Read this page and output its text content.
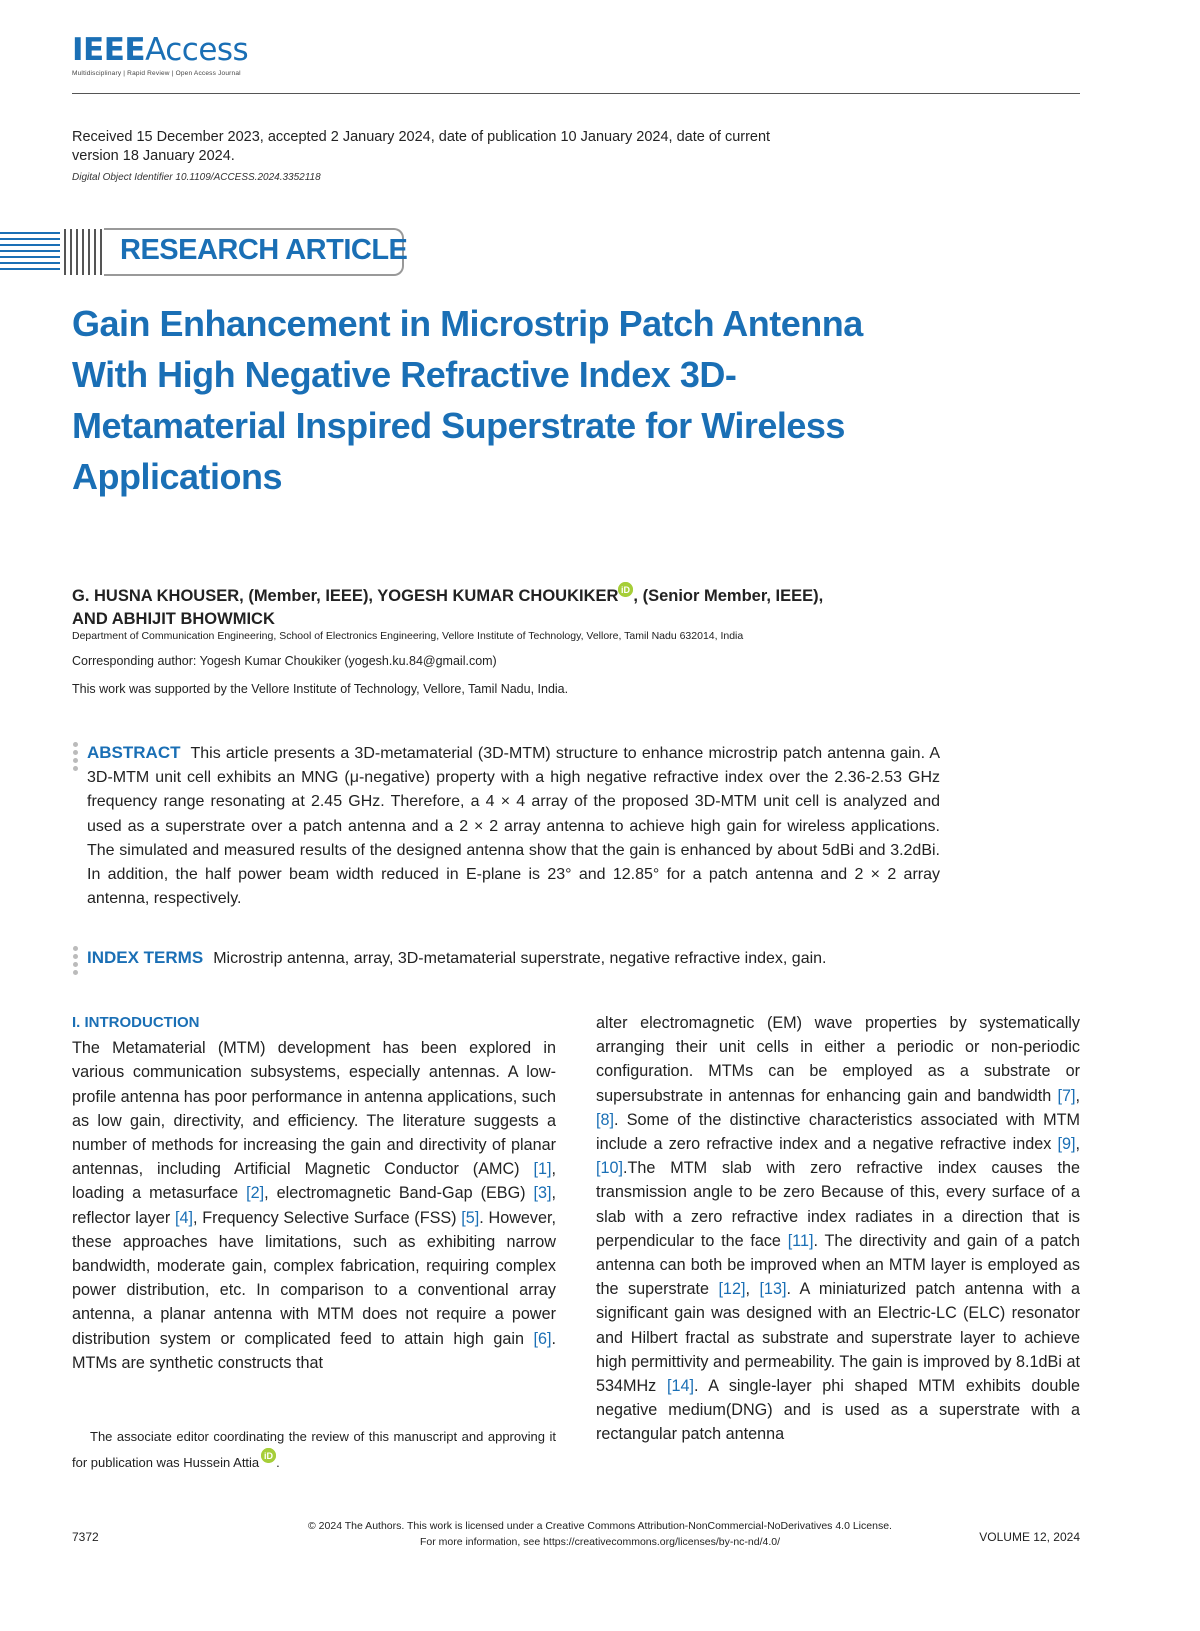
IEEEAccess
Multidisciplinary | Rapid Review | Open Access Journal
Received 15 December 2023, accepted 2 January 2024, date of publication 10 January 2024, date of current version 18 January 2024.
Digital Object Identifier 10.1109/ACCESS.2024.3352118
RESEARCH ARTICLE
Gain Enhancement in Microstrip Patch Antenna With High Negative Refractive Index 3D-Metamaterial Inspired Superstrate for Wireless Applications
G. HUSNA KHOUSER, (Member, IEEE), YOGESH KUMAR CHOUKIKER iD , (Senior Member, IEEE),
AND ABHIJIT BHOWMICK
Department of Communication Engineering, School of Electronics Engineering, Vellore Institute of Technology, Vellore, Tamil Nadu 632014, India
Corresponding author: Yogesh Kumar Choukiker (yogesh.ku.84@gmail.com)
This work was supported by the Vellore Institute of Technology, Vellore, Tamil Nadu, India.
ABSTRACT This article presents a 3D-metamaterial (3D-MTM) structure to enhance microstrip patch antenna gain. A 3D-MTM unit cell exhibits an MNG (μ-negative) property with a high negative refractive index over the 2.36-2.53 GHz frequency range resonating at 2.45 GHz. Therefore, a 4 × 4 array of the proposed 3D-MTM unit cell is analyzed and used as a superstrate over a patch antenna and a 2 × 2 array antenna to achieve high gain for wireless applications. The simulated and measured results of the designed antenna show that the gain is enhanced by about 5dBi and 3.2dBi. In addition, the half power beam width reduced in E-plane is 23° and 12.85° for a patch antenna and 2 × 2 array antenna, respectively.
INDEX TERMS Microstrip antenna, array, 3D-metamaterial superstrate, negative refractive index, gain.
I. INTRODUCTION
The Metamaterial (MTM) development has been explored in various communication subsystems, especially antennas. A low-profile antenna has poor performance in antenna applications, such as low gain, directivity, and efficiency. The literature suggests a number of methods for increasing the gain and directivity of planar antennas, including Artificial Magnetic Conductor (AMC) [1], loading a metasurface [2], electromagnetic Band-Gap (EBG) [3], reflector layer [4], Frequency Selective Surface (FSS) [5]. However, these approaches have limitations, such as exhibiting narrow bandwidth, moderate gain, complex fabrication, requiring complex power distribution, etc. In comparison to a conventional array antenna, a planar antenna with MTM does not require a power distribution system or complicated feed to attain high gain [6]. MTMs are synthetic constructs that
alter electromagnetic (EM) wave properties by systematically arranging their unit cells in either a periodic or non-periodic configuration. MTMs can be employed as a substrate or supersubstrate in antennas for enhancing gain and bandwidth [7], [8]. Some of the distinctive characteristics associated with MTM include a zero refractive index and a negative refractive index [9], [10].The MTM slab with zero refractive index causes the transmission angle to be zero Because of this, every surface of a slab with a zero refractive index radiates in a direction that is perpendicular to the face [11]. The directivity and gain of a patch antenna can both be improved when an MTM layer is employed as the superstrate [12], [13]. A miniaturized patch antenna with a significant gain was designed with an Electric-LC (ELC) resonator and Hilbert fractal as substrate and superstrate layer to achieve high permittivity and permeability. The gain is improved by 8.1dBi at 534MHz [14]. A single-layer phi shaped MTM exhibits double negative medium(DNG) and is used as a superstrate with a rectangular patch antenna
The associate editor coordinating the review of this manuscript and approving it for publication was Hussein Attia iD .
© 2024 The Authors. This work is licensed under a Creative Commons Attribution-NonCommercial-NoDerivatives 4.0 License.
For more information, see https://creativecommons.org/licenses/by-nc-nd/4.0/
7372	VOLUME 12, 2024
